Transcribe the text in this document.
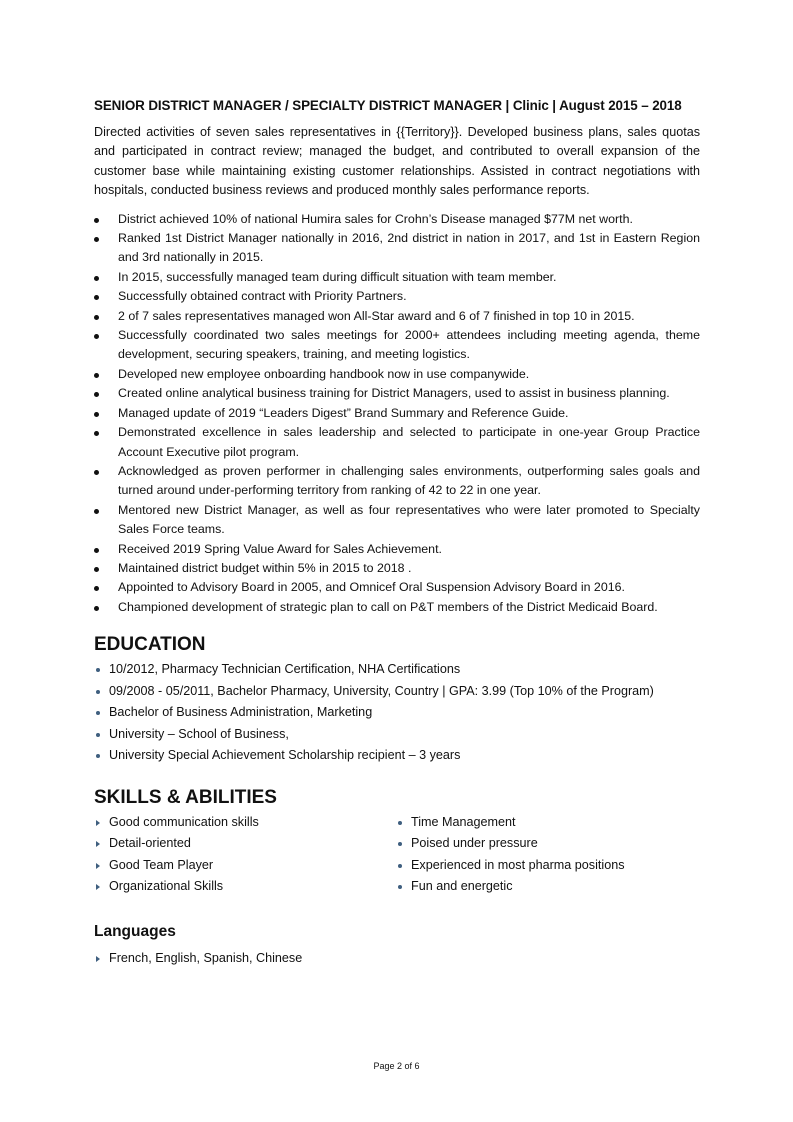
SENIOR DISTRICT MANAGER / SPECIALTY DISTRICT MANAGER | Clinic | August 2015 – 2018

Directed activities of seven sales representatives in {{Territory}}. Developed business plans, sales quotas and participated in contract review; managed the budget, and contributed to overall expansion of the customer base while maintaining existing customer relationships. Assisted in contract negotiations with hospitals, conducted business reviews and produced monthly sales performance reports.

District achieved 10% of national Humira sales for Crohn’s Disease managed $77M net worth.
Ranked 1st District Manager nationally in 2016, 2nd district in nation in 2017, and 1st in Eastern Region and 3rd nationally in 2015.
In 2015, successfully managed team during difficult situation with team member.
Successfully obtained contract with Priority Partners.
2 of 7 sales representatives managed won All-Star award and 6 of 7 finished in top 10 in 2015.
Successfully coordinated two sales meetings for 2000+ attendees including meeting agenda, theme development, securing speakers, training, and meeting logistics.
Developed new employee onboarding handbook now in use companywide.
Created online analytical business training for District Managers, used to assist in business planning.
Managed update of 2019 “Leaders Digest” Brand Summary and Reference Guide.
Demonstrated excellence in sales leadership and selected to participate in one-year Group Practice Account Executive pilot program.
Acknowledged as proven performer in challenging sales environments, outperforming sales goals and turned around under-performing territory from ranking of 42 to 22 in one year.
Mentored new District Manager, as well as four representatives who were later promoted to Specialty Sales Force teams.
Received 2019 Spring Value Award for Sales Achievement.
Maintained district budget within 5% in 2015 to 2018 .
Appointed to Advisory Board in 2005, and Omnicef Oral Suspension Advisory Board in 2016.
Championed development of strategic plan to call on P&T members of the District Medicaid Board.
EDUCATION
10/2012, Pharmacy Technician Certification, NHA Certifications
09/2008 - 05/2011, Bachelor Pharmacy, University, Country | GPA: 3.99 (Top 10% of the Program)
Bachelor of Business Administration, Marketing
University – School of Business,
University Special Achievement Scholarship recipient – 3 years
SKILLS & ABILITIES
Good communication skills
Detail-oriented
Good Team Player
Organizational Skills
Time Management
Poised under pressure
Experienced in most pharma positions
Fun and energetic
Languages
French, English, Spanish, Chinese
Page 2 of 6
